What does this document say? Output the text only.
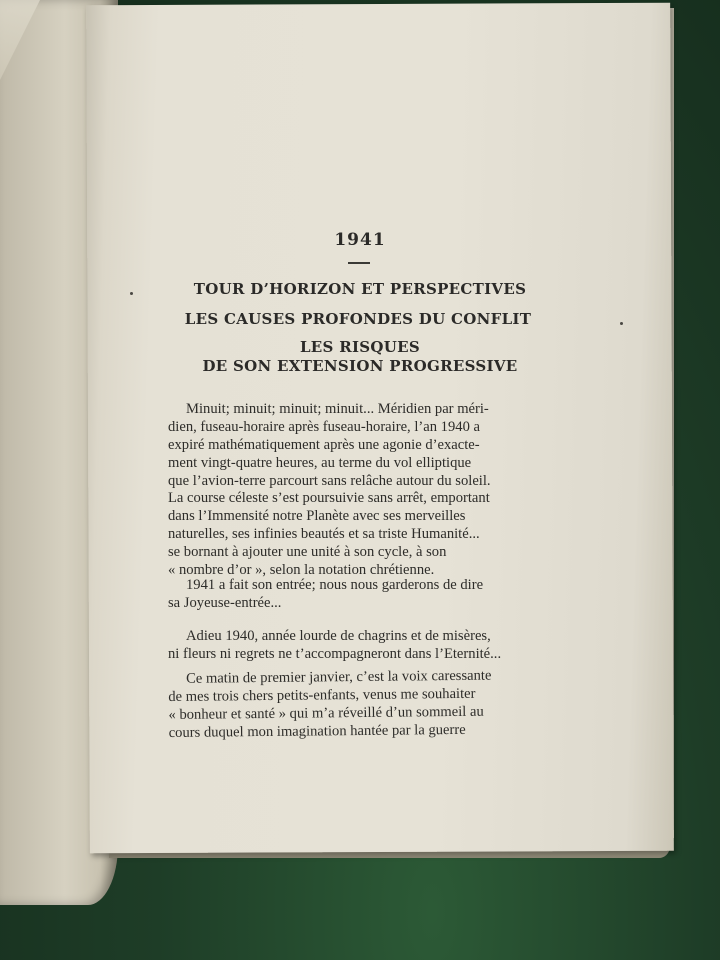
1941
TOUR D’HORIZON ET PERSPECTIVES
LES CAUSES PROFONDES DU CONFLIT
LES RISQUES
DE SON EXTENSION PROGRESSIVE
Minuit; minuit; minuit; minuit... Méridien par méri-
dien, fuseau-horaire après fuseau-horaire, l’an 1940 a
expiré mathématiquement après une agonie d’exacte-
ment vingt-quatre heures, au terme du vol elliptique
que l’avion-terre parcourt sans relâche autour du soleil.
La course céleste s’est poursuivie sans arrêt, emportant
dans l’Immensité notre Planète avec ses merveilles
naturelles, ses infinies beautés et sa triste Humanité...
se bornant à ajouter une unité à son cycle, à son
« nombre d’or », selon la notation chrétienne.
1941 a fait son entrée; nous nous garderons de dire
sa Joyeuse-entrée...
Adieu 1940, année lourde de chagrins et de misères,
ni fleurs ni regrets ne t’accompagneront dans l’Eternité...
Ce matin de premier janvier, c’est la voix caressante
de mes trois chers petits-enfants, venus me souhaiter
« bonheur et santé » qui m’a réveillé d’un sommeil au
cours duquel mon imagination hantée par la guerre
